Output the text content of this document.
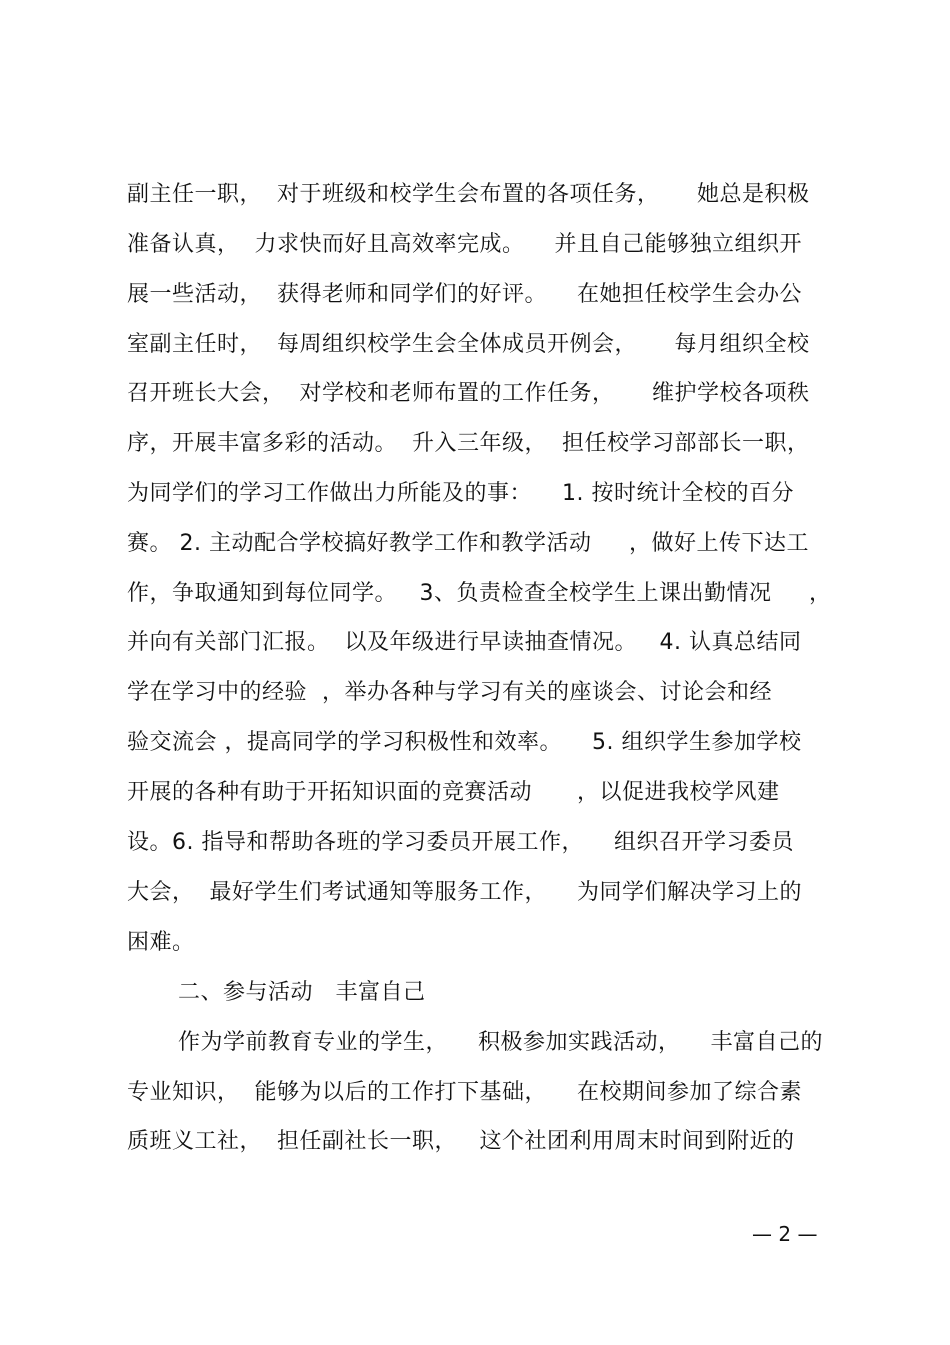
副主任一职，  对于班级和校学生会布置的各项任务，     她总是积极
准备认真，  力求快而好且高效率完成。    并且自己能够独立组织开
展一些活动，  获得老师和同学们的好评。    在她担任校学生会办公
室副主任时，  每周组织校学生会全体成员开例会，     每月组织全校
召开班长大会，  对学校和老师布置的工作任务，     维护学校各项秩
序，开展丰富多彩的活动。  升入三年级，  担任校学习部部长一职，
为同学们的学习工作做出力所能及的事：    1. 按时统计全校的百分
赛。 2. 主动配合学校搞好教学工作和教学活动     ，做好上传下达工
作，争取通知到每位同学。   3、负责检查全校学生上课出勤情况     ，
并向有关部门汇报。  以及年级进行早读抽查情况。   4. 认真总结同
学在学习中的经验  ，举办各种与学习有关的座谈会、讨论会和经
验交流会 ，提高同学的学习积极性和效率。    5. 组织学生参加学校
开展的各种有助于开拓知识面的竞赛活动      ，以促进我校学风建
设。6. 指导和帮助各班的学习委员开展工作，    组织召开学习委员
大会，  最好学生们考试通知等服务工作，    为同学们解决学习上的
困难。
二、参与活动   丰富自己
作为学前教育专业的学生，    积极参加实践活动，    丰富自己的
专业知识，  能够为以后的工作打下基础，    在校期间参加了综合素
质班义工社，  担任副社长一职，   这个社团利用周末时间到附近的
— 2 —
